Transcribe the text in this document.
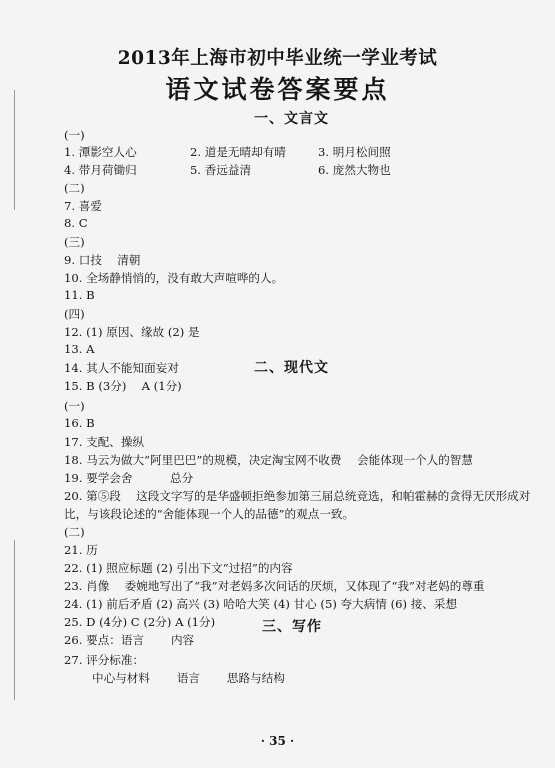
2013年上海市初中毕业统一学业考试
语文试卷答案要点
一、文言文
(一)
1. 潭影空人心	2. 道是无晴却有晴	3. 明月松间照
4. 带月荷锄归	5. 香远益清	6. 庞然大物也
(二)
7. 喜爱
8. C
(三)
9. 口技　 清朝
10. 全场静悄悄的，没有敢大声喧哗的人。
11. B
(四)
12. (1) 原因、缘故 (2) 是
13. A
14. 其人不能知面妄对
15. B (3分)　 A (1分)
二、现代文
(一)
16. B
17. 支配、操纵
18. 马云为做大“阿里巴巴”的规模，决定淘宝网不收费 会能体现一个人的智慧
19. 要学会舍	总分
20. 第⑤段　 这段文字写的是华盛顿拒绝参加第三届总统竞选，和帕霍赫的贪得无厌形成对
比，与该段论述的“舍能体现一个人的品德”的观点一致。
(二)
21. 历
22. (1) 照应标题 (2) 引出下文“过招”的内容
23. 肖像　 委婉地写出了“我”对老妈多次问话的厌烦，又体现了“我”对老妈的尊重
24. (1) 前后矛盾 (2) 高兴 (3) 哈哈大笑 (4) 甘心 (5) 夸大病情 (6) 接、采想
25. D (4分) C (2分) A (1分)
26. 要点：语言　　 内容
三、写作
27. 评分标准：
中心与材料　　 语言　　 思路与结构
· 35 ·
